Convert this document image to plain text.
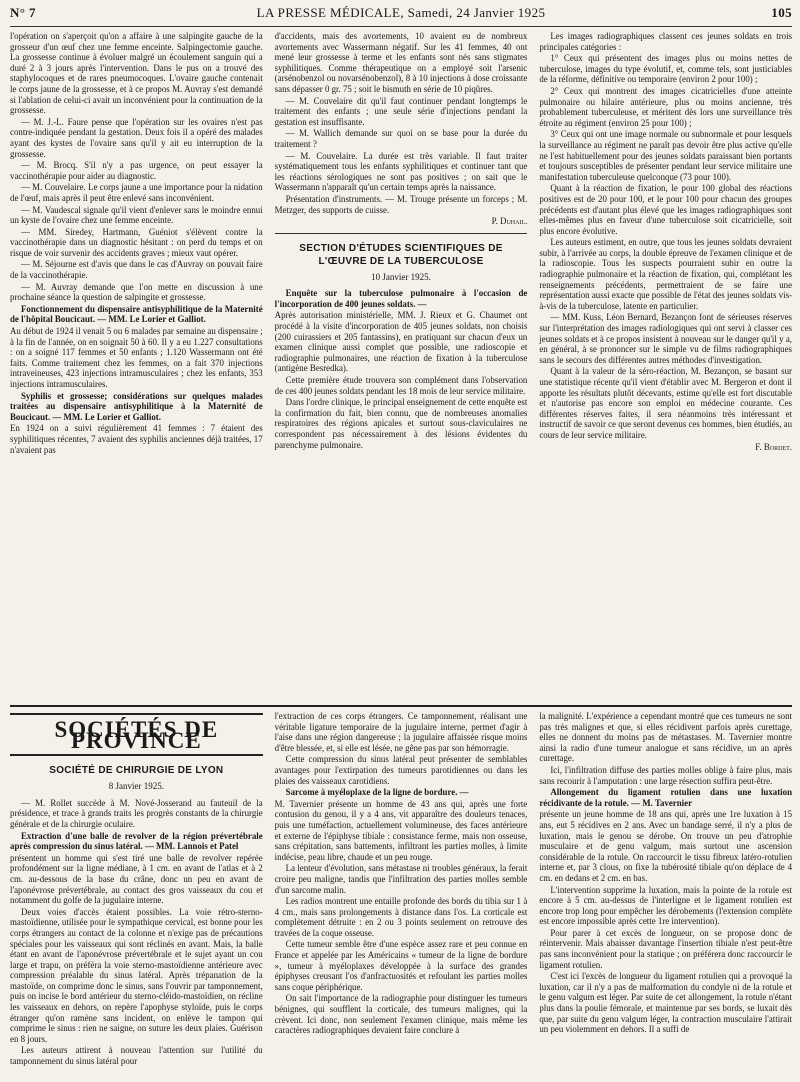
N° 7	LA PRESSE MÉDICALE, Samedi, 24 Janvier 1925	105

l'opération on s'aperçoit qu'on a affaire à une salpingite gauche de la grosseur d'un œuf chez une femme enceinte. Salpingectomie gauche. La grossesse continue à évoluer malgré un écoulement sanguin qui a duré 2 à 3 jours après l'intervention. Dans le pus on a trouvé des staphylocoques et de rares pneumocoques. L'ovaire gauche contenait le corps jaune de la grossesse, et à ce propos M. Auvray s'est demandé si l'ablation de celui-ci avait un inconvénient pour la continuation de la grossesse.

— M. J.-L. Faure pense que l'opération sur les ovaires n'est pas contre-indiquée pendant la gestation. Deux fois il a opéré des malades ayant des kystes de l'ovaire sans qu'il y ait eu interruption de la grossesse.

— M. Brocq. S'il n'y a pas urgence, on peut essayer la vaccinothérapie pour aider au diagnostic.

— M. Couvelaire. Le corps jaune a une importance pour la nidation de l'œuf, mais après il peut être enlevé sans inconvénient.

— M. Vaudescal signale qu'il vient d'enlever sans le moindre ennui un kyste de l'ovaire chez une femme enceinte.

— MM. Siredey, Hartmann, Guéniot s'élèvent contre la vaccinothérapie dans un diagnostic hésitant : on perd du temps et on risque de voir survenir des accidents graves ; mieux vaut opérer.

— M. Séjourne est d'avis que dans le cas d'Auvray on pouvait faire de la vaccinothérapie.

— M. Auvray demande que l'on mette en discussion à une prochaine séance la question de salpingite et grossesse.

Fonctionnement du dispensaire antisyphilitique de la Maternité de l'hôpital Boucicaut. — MM. Le Lorier et Galliot.

Au début de 1924 il venait 5 ou 6 malades par semaine au dispensaire ; à la fin de l'année, on en soignait 50 à 60. Il y a eu 1.227 consultations : on a soigné 117 femmes et 50 enfants ; 1.120 Wassermann ont été faits. Comme traitement chez les femmes, on a fait 370 injections intraveineuses, 423 injections intramusculaires ; chez les enfants, 353 injections intramusculaires.

Syphilis et grossesse; considérations sur quelques malades traitées au dispensaire antisyphilitique à la Maternité de Boucicaut. — MM. Le Lorier et Galliot.

En 1924 on a suivi régulièrement 41 femmes : 7 étaient des syphilitiques récentes, 7 avaient des syphilis anciennes déjà traitées, 17 n'avaient pas

d'accidents, mais des avortements, 10 avaient eu de nombreux avortements avec Wassermann négatif. Sur les 41 femmes, 40 ont mené leur grossesse à terme et les enfants sont nés sans stigmates syphilitiques. Comme thérapeutique on a employé soit l'arsenic (arsénobenzol ou novarsénobenzol), 8 à 10 injections à dose croissante sans dépasser 0 gr. 75 ; soit le bismuth en série de 10 piqûres.

— M. Couvelaire dit qu'il faut continuer pendant longtemps le traitement des enfants ; une seule série d'injections pendant la gestation est insuffisante.

— M. Wallich demande sur quoi on se base pour la durée du traitement ?

— M. Couvelaire. La durée est très variable. Il faut traiter systématiquement tous les enfants syphilitiques et continuer tant que les réactions sérologiques ne sont pas positives ; on sait que le Wassermann n'apparaît qu'un certain temps après la naissance.

Présentation d'instruments. — M. Trouge présente un forceps ; M. Metzger, des supports de cuisse.

P. Duhail.

SECTION D'ÉTUDES SCIENTIFIQUES DE L'ŒUVRE DE LA TUBERCULOSE
10 Janvier 1925.

Enquête sur la tuberculose pulmonaire à l'occasion de l'incorporation de 400 jeunes soldats. —

Après autorisation ministérielle, MM. J. Rieux et G. Chaumet ont procédé à la visite d'incorporation de 405 jeunes soldats, non choisis (200 cuirassiers et 205 fantassins), en pratiquant sur chacun d'eux un examen clinique aussi complet que possible, une radioscopie et radiographie pulmonaires, une réaction de fixation à la tuberculose (antigène Besredka).

Cette première étude trouvera son complément dans l'observation de ces 400 jeunes soldats pendant les 18 mois de leur service militaire.

Dans l'ordre clinique, le principal enseignement de cette enquête est la confirmation du fait, bien connu, que de nombreuses anomalies respiratoires des régions apicales et surtout sous-claviculaires ne correspondent pas nécessairement à des lésions évidentes du parenchyme pulmonaire.

Les images radiographiques classent ces jeunes soldats en trois principales catégories :

1° Ceux qui présentent des images plus ou moins nettes de tuberculose, images du type évolutif, et, comme tels, sont justiciables de la réforme, définitive ou temporaire (environ 2 pour 100) ;

2° Ceux qui montrent des images cicatricielles d'une atteinte pulmonaire ou hilaire antérieure, plus ou moins ancienne, très probablement tuberculeuse, et méritent dès lors une surveillance très étroite au régiment (environ 25 pour 100) ;

3° Ceux qui ont une image normale ou subnormale et pour lesquels la surveillance au régiment ne paraît pas devoir être plus active qu'elle ne l'est habituellement pour des jeunes soldats paraissant bien portants et toujours susceptibles de présenter pendant leur service militaire une manifestation tuberculeuse quelconque (73 pour 100).

Quant à la réaction de fixation, le pour 100 global des réactions positives est de 20 pour 100, et le pour 100 pour chacun des groupes précédents est d'autant plus élevé que les images radiographiques sont elles-mêmes plus en faveur d'une tuberculose soit cicatricielle, soit plus encore évolutive.

Les auteurs estiment, en outre, que tous les jeunes soldats devraient subir, à l'arrivée au corps, la double épreuve de l'examen clinique et de la radioscopie. Tous les suspects pourraient subir en outre la radiographie pulmonaire et la réaction de fixation, qui, complétant les renseignements précédents, permettraient de se faire une représentation aussi exacte que possible de l'état des jeunes soldats vis-à-vis de la tuberculose, latente en particulier.

— MM. Kuss, Léon Bernard, Bezançon font de sérieuses réserves sur l'interprétation des images radiologiques qui ont servi à classer ces jeunes soldats et à ce propos insistent à nouveau sur le danger qu'il y a, en général, à se prononcer sur le simple vu de films radiographiques sans le secours des différentes autres méthodes d'investigation.

Quant à la valeur de la séro-réaction, M. Bezançon, se basant sur une statistique récente qu'il vient d'établir avec M. Bergeron et dont il apporte les résultats plutôt décevants, estime qu'elle est fort discutable et n'autorise pas encore son emploi en médecine courante. Ces différentes réserves faites, il sera néanmoins très intéressant et instructif de savoir ce que seront devenus ces hommes, bien étudiés, au cours de leur service militaire.

F. Bordet.

SOCIÉTÉS DE PROVINCE
SOCIÉTÉ DE CHIRURGIE DE LYON
8 Janvier 1925.

— M. Rollet succède à M. Nové-Josserand au fauteuil de la présidence, et trace à grands traits les progrès constants de la chirurgie générale et de la chirurgie oculaire.

Extraction d'une balle de revolver de la région prévertébrale après compression du sinus latéral. — MM. Lannois et Patel

présentent un homme qui s'est tiré une balle de revolver repérée profondément sur la ligne médiane, à 1 cm. en avant de l'atlas et à 2 cm. au-dessous de la base du crâne, donc un peu en avant de l'aponévrose prévertébrale, au contact des gros vaisseaux du cou et notamment du golfe de la jugulaire interne.

Deux voies d'accès étaient possibles. La voie rétro-sterno-mastoïdienne, utilisée pour le sympathique cervical, est bonne pour les corps étrangers au contact de la colonne et n'exige pas de précautions spéciales pour les vaisseaux qui sont réclinés en avant. Mais, la balle étant en avant de l'aponévrose prévertébrale et le sujet ayant un cou large et trapu, on préféra la voie sterno-mastoïdienne antérieure avec compression préalable du sinus latéral. Après trépanation de la mastoïde, on comprime donc le sinus, sans l'ouvrir par tamponnement, puis on incise le bord antérieur du sterno-cléido-mastoïdien, on récline les vaisseaux en dehors, on repère l'apophyse styloïde, puis le corps étranger qu'on ramène sans incident, on enlève le tampon qui comprime le sinus : rien ne saigne, on suture les deux plaies. Guérison en 8 jours.

Les auteurs attirent à nouveau l'attention sur l'utilité du tamponnement du sinus latéral pour

l'extraction de ces corps étrangers. Ce tamponnement, réalisant une véritable ligature temporaire de la jugulaire interne, permet d'agir à l'aise dans une région dangereuse ; la jugulaire affaissée risque moins d'être blessée, et, si elle est lésée, ne gêne pas par son hémorragie.

Cette compression du sinus latéral peut présenter de semblables avantages pour l'extirpation des tumeurs parotidiennes ou dans les plaies des vaisseaux carotidiens.

Sarcome à myéloplaxe de la ligne de bordure. —

M. Tavernier présente un homme de 43 ans qui, après une forte contusion du genou, il y a 4 ans, vit apparaître des douleurs tenaces, puis une tuméfaction, actuellement volumineuse, des faces antérieure et externe de l'épiphyse tibiale : consistance ferme, mais non osseuse, sans crépitation, sans battements, infiltrant les parties molles, à limite indécise, peau libre, chaude et un peu rouge.

La lenteur d'évolution, sans métastase ni troubles généraux, la ferait croire peu maligne, tandis que l'infiltration des parties molles semble d'un sarcome malin.

Les radios montrent une entaille profonde des bords du tibia sur 1 à 4 cm., mais sans prolongements à distance dans l'os. La corticale est complètement détruite : en 2 ou 3 points seulement on retrouve des travées de la coque osseuse.

Cette tumeur semble être d'une espèce assez rare et peu connue en France et appelée par les Américains « tumeur de la ligne de bordure », tumeur à myéloplaxes développée à la surface des grandes épiphyses creusant l'os d'anfractuosités et refoulant les parties molles sans coque périphérique.

On sait l'importance de la radiographie pour distinguer les tumeurs bénignes, qui soufflent la corticale, des tumeurs malignes, qui la crèvent. Ici donc, non seulement l'examen clinique, mais même les caractères radiographiques devaient faire conclure à

la malignité. L'expérience a cependant montré que ces tumeurs ne sont pas très malignes et que, si elles récidivent parfois après curettage, elles ne donnent du moins pas de métastases. M. Tavernier montre ainsi la radio d'une tumeur analogue et sans récidive, un an après curettage.

Ici, l'infiltration diffuse des parties molles oblige à faire plus, mais sans recourir à l'amputation : une large résection suffira peut-être.

Allongement du ligament rotulien dans une luxation récidivante de la rotule. — M. Tavernier

présente un jeune homme de 18 ans qui, après une 1re luxation à 15 ans, eut 5 récidives en 2 ans. Avec un bandage serré, il n'y a plus de luxation, mais le genou se dérobe. On trouve un peu d'atrophie musculaire et de genu valgum, mais surtout une ascension considérable de la rotule. On raccourcit le tissu fibreux latéro-rotulien interne et, par 3 clous, on fixe la tubérosité tibiale qu'on déplace de 4 cm. en dedans et 2 cm. en bas.

L'intervention supprime la luxation, mais la pointe de la rotule est encore à 5 cm. au-dessus de l'interligne et le ligament rotulien est encore trop long pour empêcher les dérobements (l'extension complète est encore impossible après cette 1re intervention).

Pour parer à cet excès de longueur, on se propose donc de réintervenir. Mais abaisser davantage l'insertion tibiale n'est peut-être pas sans inconvénient pour la statique ; on préférera donc raccourcir le ligament rotulien.

C'est ici l'excès de longueur du ligament rotulien qui a provoqué la luxation, car il n'y a pas de malformation du condyle ni de la rotule et le genu valgum est léger. Par suite de cet allongement, la rotule n'étant plus dans la poulie fémorale, et maintenue par ses bords, se luxait dès que, par suite du genu valgum léger, la contraction musculaire l'attirait un peu violemment en dehors. Il a suffi de
